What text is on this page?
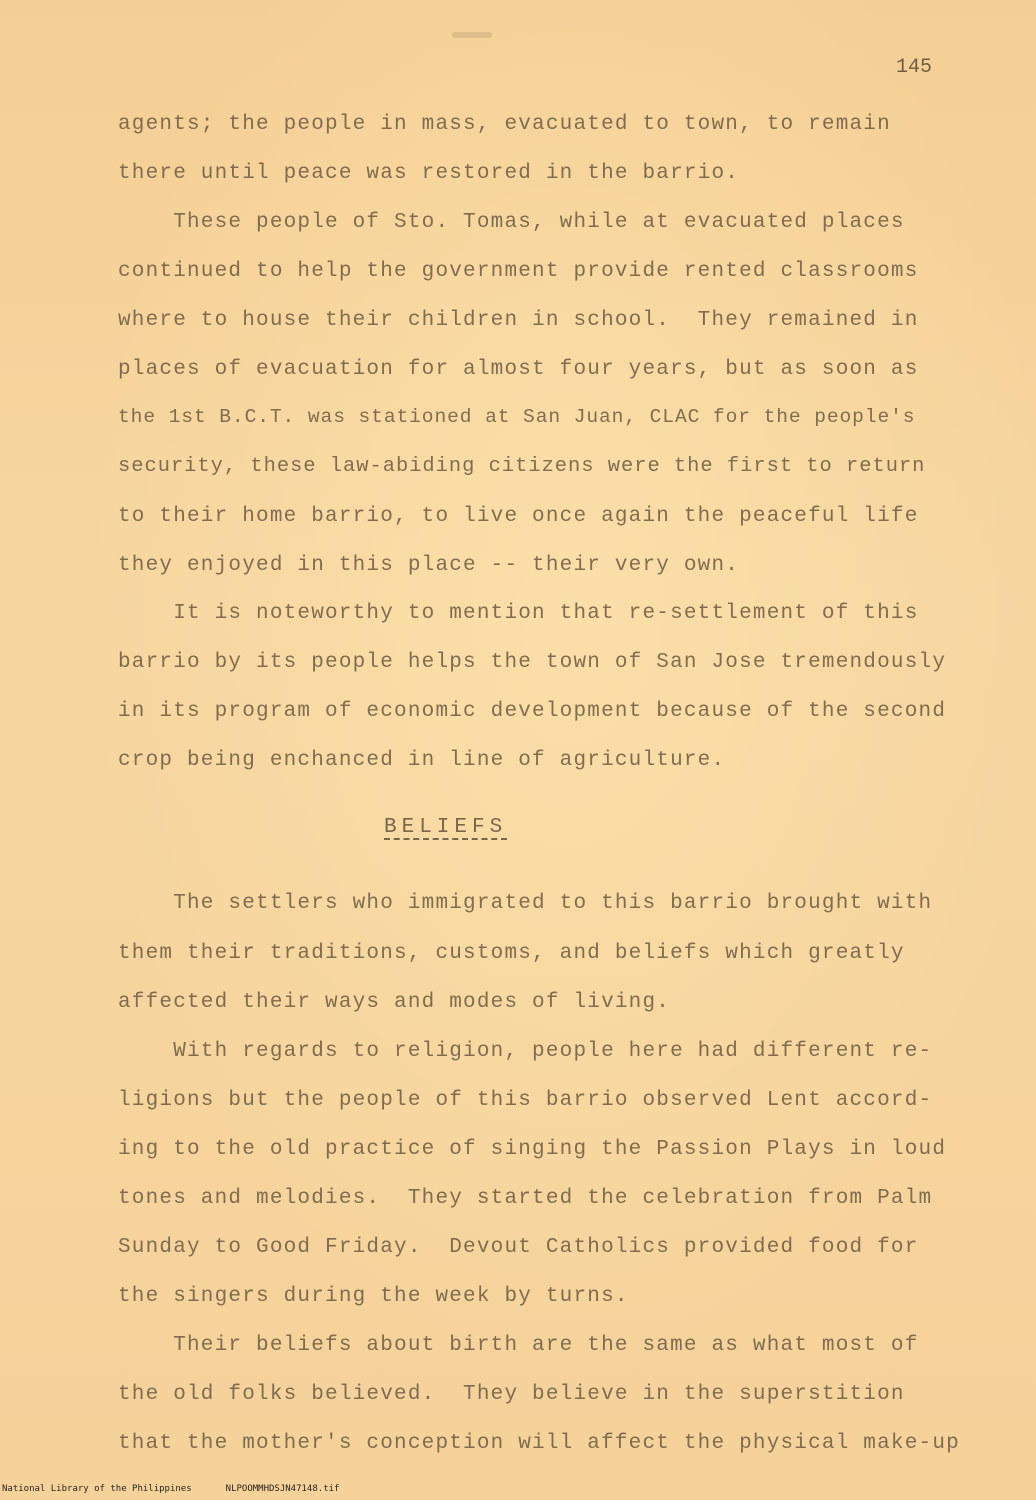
145
agents; the people in mass, evacuated to town, to remain
there until peace was restored in the barrio.
These people of Sto. Tomas, while at evacuated places
continued to help the government provide rented classrooms
where to house their children in school.  They remained in
places of evacuation for almost four years, but as soon as
the 1st B.C.T. was stationed at San Juan, CLAC for the people's
security, these law-abiding citizens were the first to return
to their home barrio, to live once again the peaceful life
they enjoyed in this place -- their very own.
It is noteworthy to mention that re-settlement of this
barrio by its people helps the town of San Jose tremendously
in its program of economic development because of the second
crop being enchanced in line of agriculture.
BELIEFS
The settlers who immigrated to this barrio brought with
them their traditions, customs, and beliefs which greatly
affected their ways and modes of living.
With regards to religion, people here had different re-
ligions but the people of this barrio observed Lent accord-
ing to the old practice of singing the Passion Plays in loud
tones and melodies.  They started the celebration from Palm
Sunday to Good Friday.  Devout Catholics provided food for
the singers during the week by turns.
Their beliefs about birth are the same as what most of
the old folks believed.  They believe in the superstition
that the mother's conception will affect the physical make-up
National Library of the Philippines	NLPOOMMHDSJN47148.tif
